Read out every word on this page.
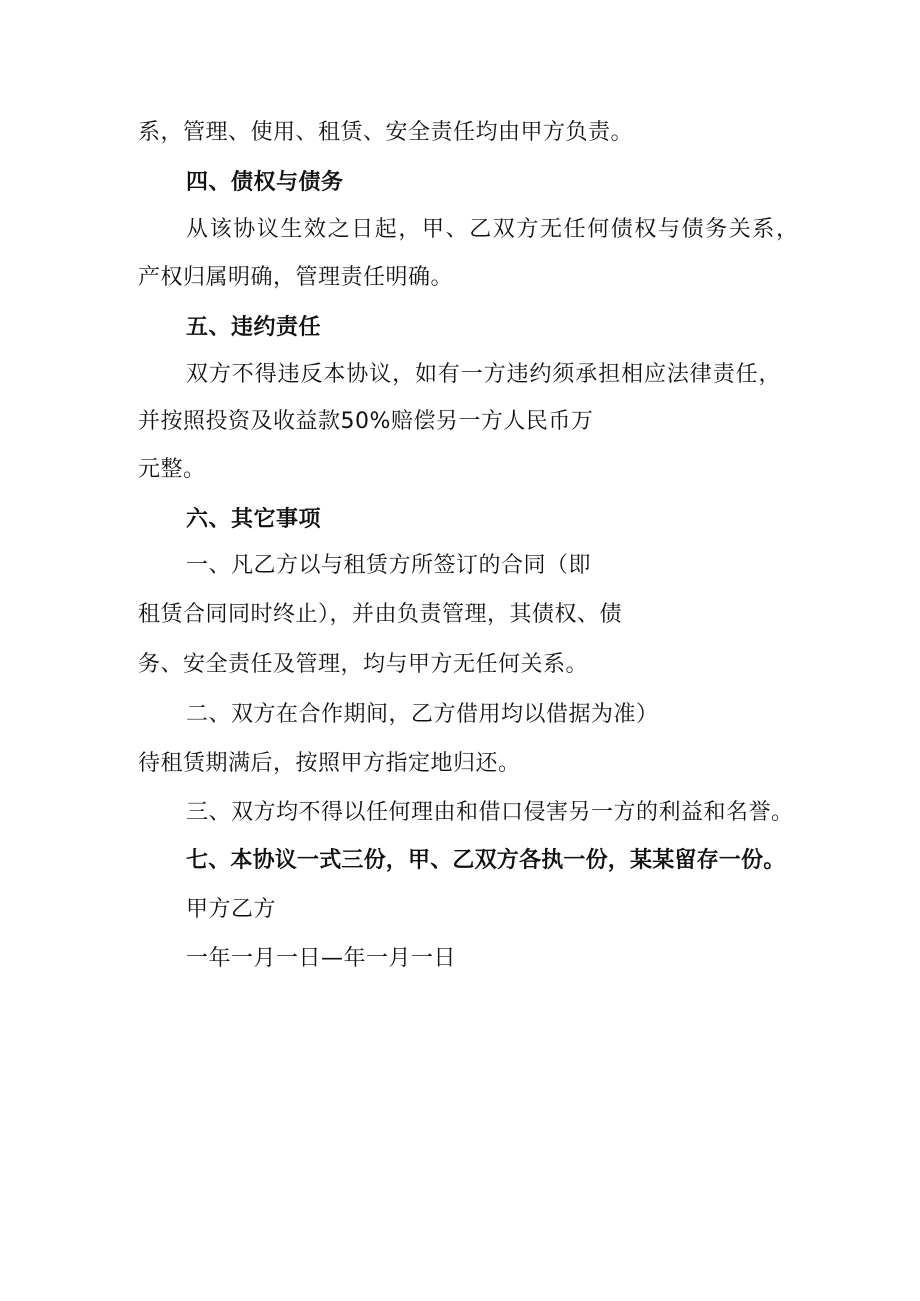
系，管理、使用、租赁、安全责任均由甲方负责。
四、债权与债务
从该协议生效之日起，甲、乙双方无任何债权与债务关系，
产权归属明确，管理责任明确。
五、违约责任
双方不得违反本协议，如有一方违约须承担相应法律责任，
并按照投资及收益款50%赔偿另一方人民币万
元整。
六、其它事项
一、凡乙方以与租赁方所签订的合同（即
租赁合同同时终止），并由负责管理，其债权、债
务、安全责任及管理，均与甲方无任何关系。
二、双方在合作期间，乙方借用均以借据为准）
待租赁期满后，按照甲方指定地归还。
三、双方均不得以任何理由和借口侵害另一方的利益和名誉。
七、本协议一式三份，甲、乙双方各执一份，某某留存一份。
甲方乙方
一年一月一日—年一月一日
